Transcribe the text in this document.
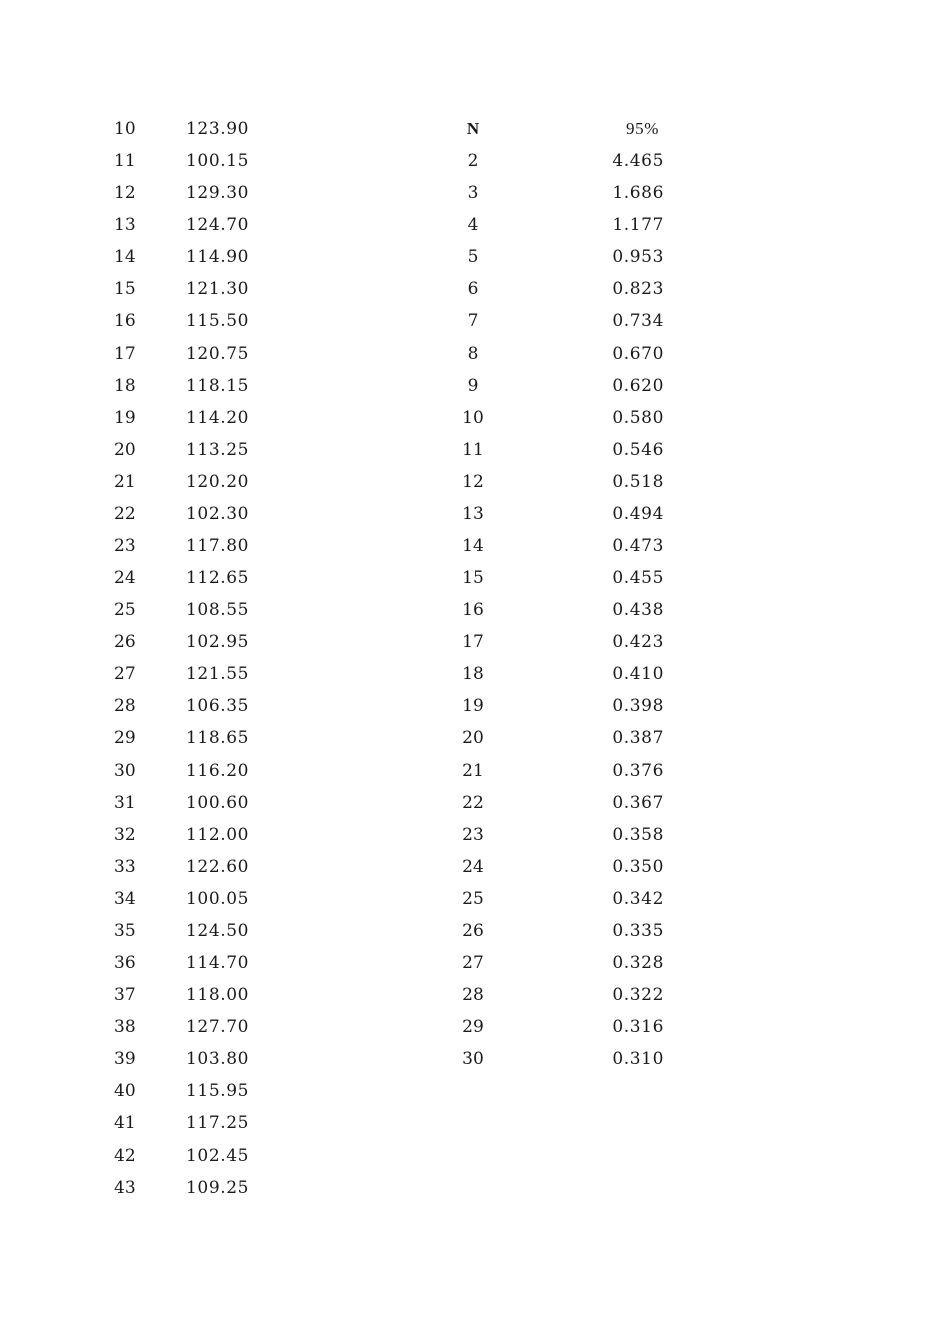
10	123.90
11	100.15
12	129.30
13	124.70
14	114.90
15	121.30
16	115.50
17	120.75
18	118.15
19	114.20
20	113.25
21	120.20
22	102.30
23	117.80
24	112.65
25	108.55
26	102.95
27	121.55
28	106.35
29	118.65
30	116.20
31	100.60
32	112.00
33	122.60
34	100.05
35	124.50
36	114.70
37	118.00
38	127.70
39	103.80
40	115.95
41	117.25
42	102.45
43	109.25
N	95%
2	4.465
3	1.686
4	1.177
5	0.953
6	0.823
7	0.734
8	0.670
9	0.620
10	0.580
11	0.546
12	0.518
13	0.494
14	0.473
15	0.455
16	0.438
17	0.423
18	0.410
19	0.398
20	0.387
21	0.376
22	0.367
23	0.358
24	0.350
25	0.342
26	0.335
27	0.328
28	0.322
29	0.316
30	0.310
